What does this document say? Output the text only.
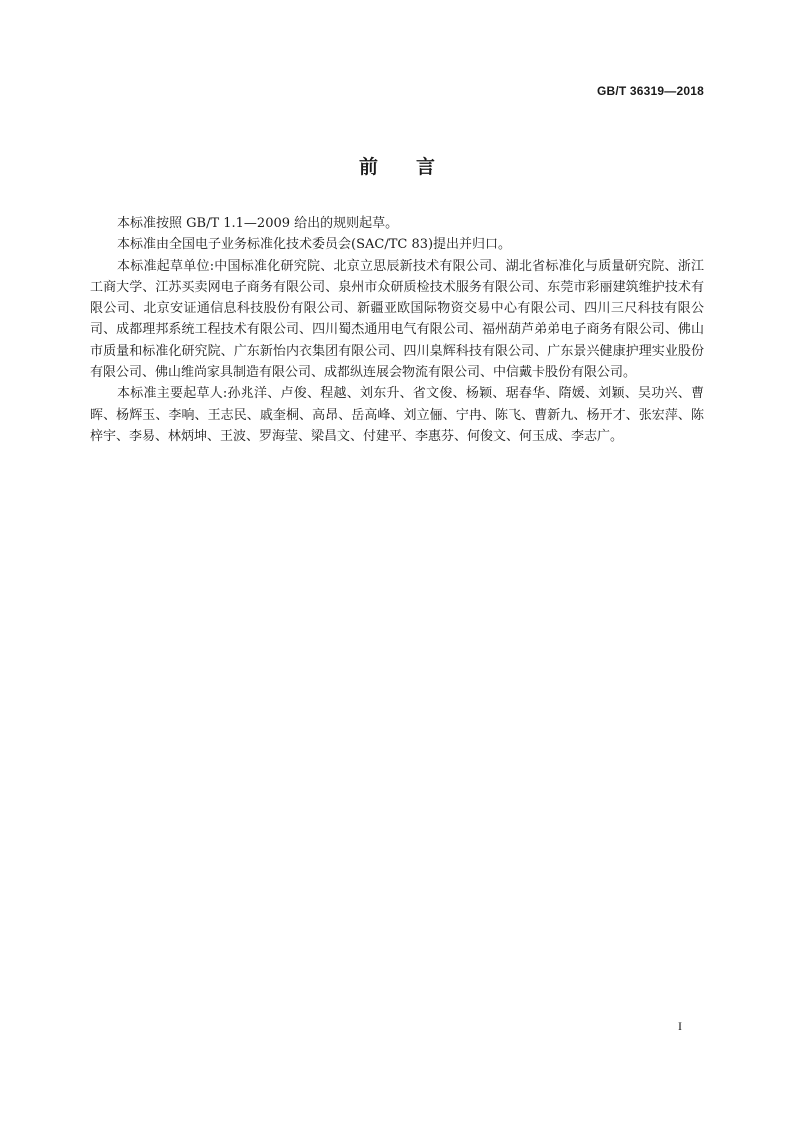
GB/T 36319—2018
前 言

本标准按照 GB/T 1.1—2009 给出的规则起草。

本标准由全国电子业务标准化技术委员会(SAC/TC 83)提出并归口。

本标准起草单位:中国标准化研究院、北京立思辰新技术有限公司、湖北省标准化与质量研究院、浙江工商大学、江苏买卖网电子商务有限公司、泉州市众研质检技术服务有限公司、东莞市彩丽建筑维护技术有限公司、北京安证通信息科技股份有限公司、新疆亚欧国际物资交易中心有限公司、四川三尺科技有限公司、成都理邦系统工程技术有限公司、四川蜀杰通用电气有限公司、福州葫芦弟弟电子商务有限公司、佛山市质量和标准化研究院、广东新怡内衣集团有限公司、四川臬辉科技有限公司、广东景兴健康护理实业股份有限公司、佛山维尚家具制造有限公司、成都纵连展会物流有限公司、中信戴卡股份有限公司。

本标准主要起草人:孙兆洋、卢俊、程越、刘东升、省文俊、杨颖、琚春华、隋媛、刘颖、吴功兴、曹晖、杨辉玉、李响、王志民、戚奎桐、高昂、岳高峰、刘立俪、宁冉、陈飞、曹新九、杨开才、张宏萍、陈梓宇、李易、林炳坤、王波、罗海莹、梁昌文、付建平、李惠芬、何俊文、何玉成、李志广。

I
